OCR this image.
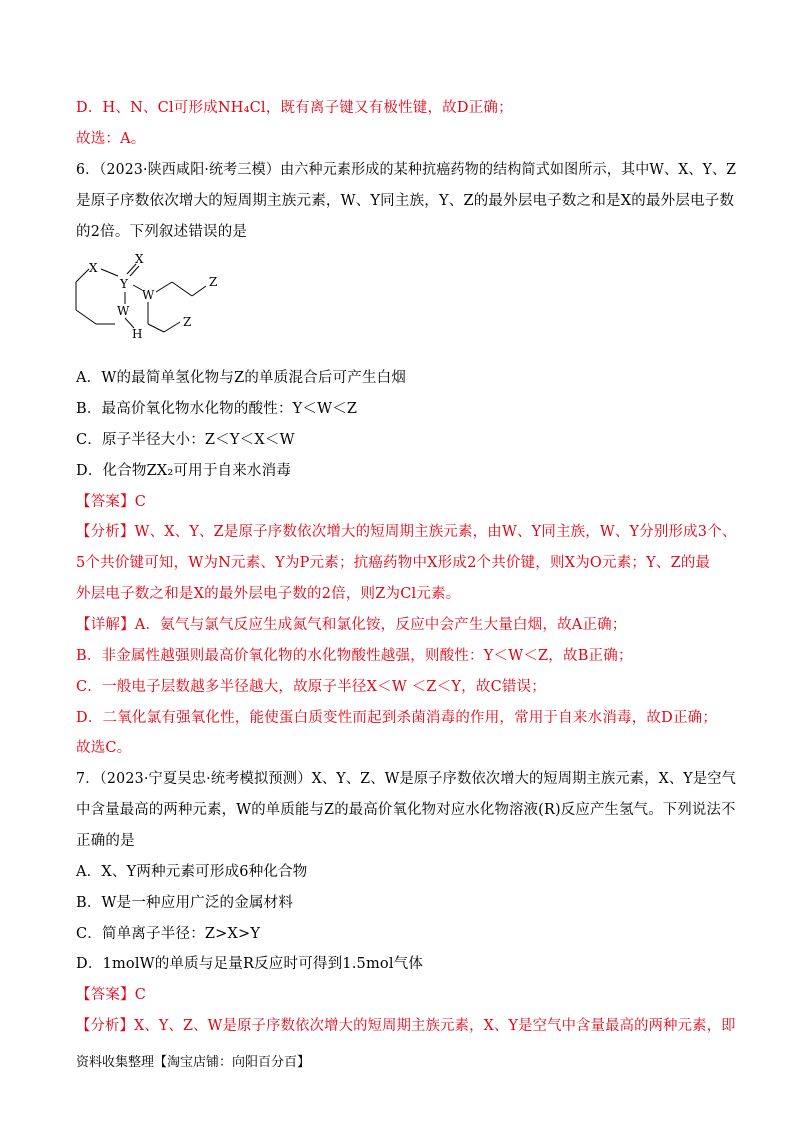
D．H、N、Cl可形成NH₄Cl，既有离子键又有极性键，故D正确；
故选：A。
6．（2023·陕西咸阳·统考三模）由六种元素形成的某种抗癌药物的结构简式如图所示，其中W、X、Y、Z
是原子序数依次增大的短周期主族元素，W、Y同主族，Y、Z的最外层电子数之和是X的最外层电子数
的2倍。下列叙述错误的是
X
X
Y
W
W
H
Z
Z
A．W的最简单氢化物与Z的单质混合后可产生白烟
B．最高价氧化物水化物的酸性：Y＜W＜Z
C．原子半径大小：Z＜Y＜X＜W
D．化合物ZX₂可用于自来水消毒
【答案】C
【分析】W、X、Y、Z是原子序数依次增大的短周期主族元素，由W、Y同主族，W、Y分别形成3个、
5个共价键可知，W为N元素、Y为P元素；抗癌药物中X形成2个共价键，则X为O元素；Y、Z的最
外层电子数之和是X的最外层电子数的2倍，则Z为Cl元素。
【详解】A．氨气与氯气反应生成氮气和氯化铵，反应中会产生大量白烟，故A正确；
B．非金属性越强则最高价氧化物的水化物酸性越强，则酸性：Y＜W＜Z，故B正确；
C．一般电子层数越多半径越大，故原子半径X＜W ＜Z＜Y，故C错误；
D．二氧化氯有强氧化性，能使蛋白质变性而起到杀菌消毒的作用，常用于自来水消毒，故D正确；
故选C。
7．（2023·宁夏吴忠·统考模拟预测）X、Y、Z、W是原子序数依次增大的短周期主族元素，X、Y是空气
中含量最高的两种元素，W的单质能与Z的最高价氧化物对应水化物溶液(R)反应产生氢气。下列说法不
正确的是
A．X、Y两种元素可形成6种化合物
B．W是一种应用广泛的金属材料
C．简单离子半径：Z>X>Y
D．1molW的单质与足量R反应时可得到1.5mol气体
【答案】C
【分析】X、Y、Z、W是原子序数依次增大的短周期主族元素，X、Y是空气中含量最高的两种元素，即
资料收集整理【淘宝店铺：向阳百分百】
